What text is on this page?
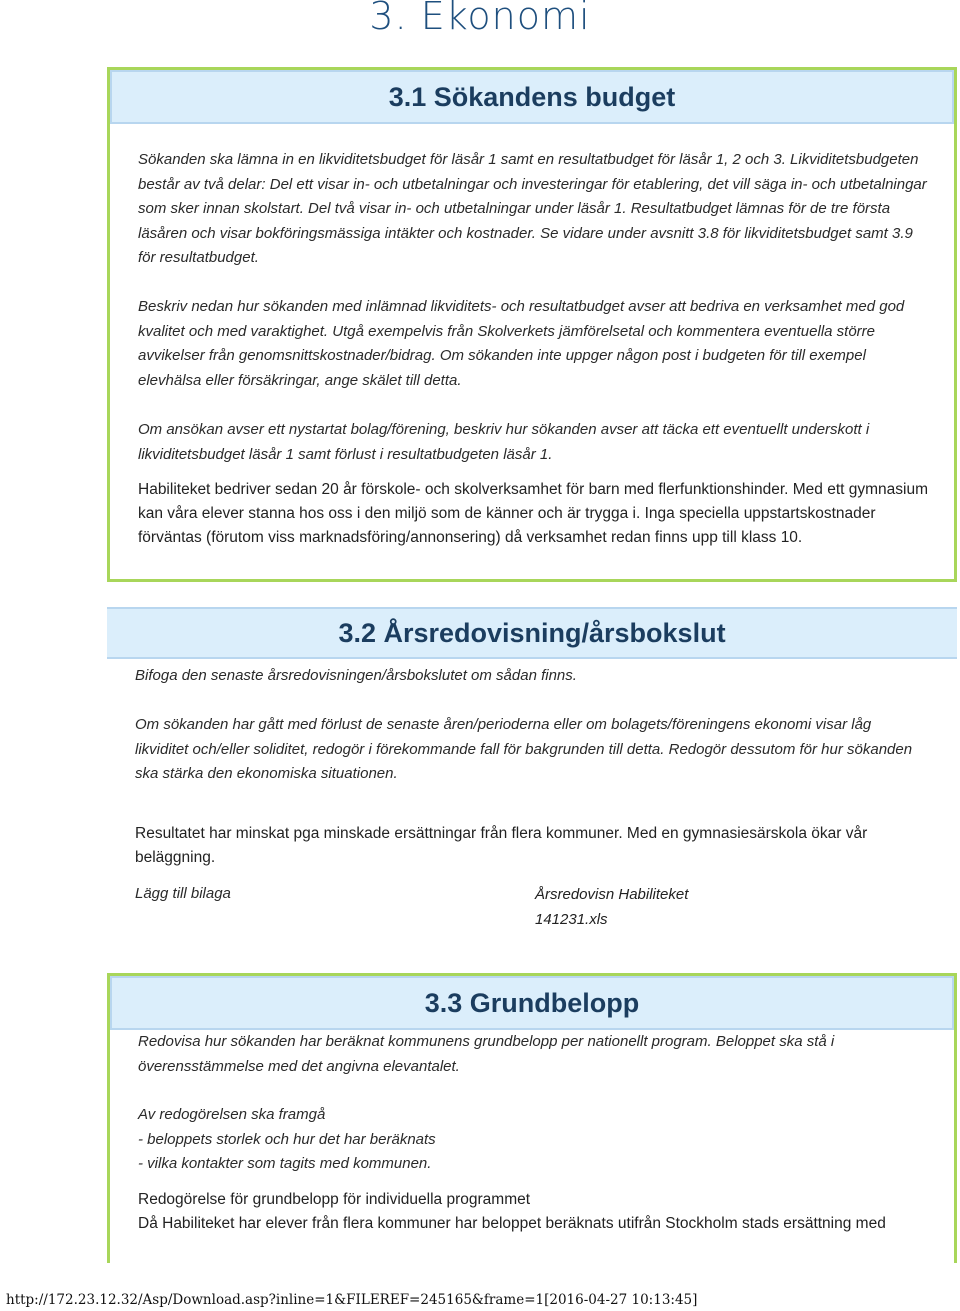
3. Ekonomi
3.1 Sökandens budget
Sökanden ska lämna in en likviditetsbudget för läsår 1 samt en resultatbudget för läsår 1, 2 och 3. Likviditetsbudgeten består av två delar: Del ett visar in- och utbetalningar och investeringar för etablering, det vill säga in- och utbetalningar som sker innan skolstart. Del två visar in- och utbetalningar under läsår 1. Resultatbudget lämnas för de tre första läsåren och visar bokföringsmässiga intäkter och kostnader. Se vidare under avsnitt 3.8 för likviditetsbudget samt 3.9 för resultatbudget.
Beskriv nedan hur sökanden med inlämnad likviditets- och resultatbudget avser att bedriva en verksamhet med god kvalitet och med varaktighet. Utgå exempelvis från Skolverkets jämförelsetal och kommentera eventuella större avvikelser från genomsnittskostnader/bidrag. Om sökanden inte uppger någon post i budgeten för till exempel elevhälsa eller försäkringar, ange skälet till detta.
Om ansökan avser ett nystartat bolag/förening, beskriv hur sökanden avser att täcka ett eventuellt underskott i likviditetsbudget läsår 1 samt förlust i resultatbudgeten läsår 1.
Habiliteket bedriver sedan 20 år förskole- och skolverksamhet för barn med flerfunktionshinder. Med ett gymnasium kan våra elever stanna hos oss i den miljö som de känner och är trygga i. Inga speciella uppstartskostnader förväntas (förutom viss marknadsföring/annonsering) då verksamhet redan finns upp till klass 10.
3.2 Årsredovisning/årsbokslut
Bifoga den senaste årsredovisningen/årsbokslutet om sådan finns.
Om sökanden har gått med förlust de senaste åren/perioderna eller om bolagets/föreningens ekonomi visar låg likviditet och/eller soliditet, redogör i förekommande fall för bakgrunden till detta. Redogör dessutom för hur sökanden ska stärka den ekonomiska situationen.
Resultatet har minskat pga minskade ersättningar från flera kommuner. Med en gymnasiesärskola ökar vår beläggning.
Lägg till bilaga	Årsredovisn Habiliteket
141231.xls
3.3 Grundbelopp
Redovisa hur sökanden har beräknat kommunens grundbelopp per nationellt program. Beloppet ska stå i överensstämmelse med det angivna elevantalet.
Av redogörelsen ska framgå
- beloppets storlek och hur det har beräknats
- vilka kontakter som tagits med kommunen.
Redogörelse för grundbelopp för individuella programmet
Då Habiliteket har elever från flera kommuner har beloppet beräknats utifrån Stockholm stads ersättning med
http://172.23.12.32/Asp/Download.asp?inline=1&FILEREF=245165&frame=1[2016-04-27 10:13:45]
